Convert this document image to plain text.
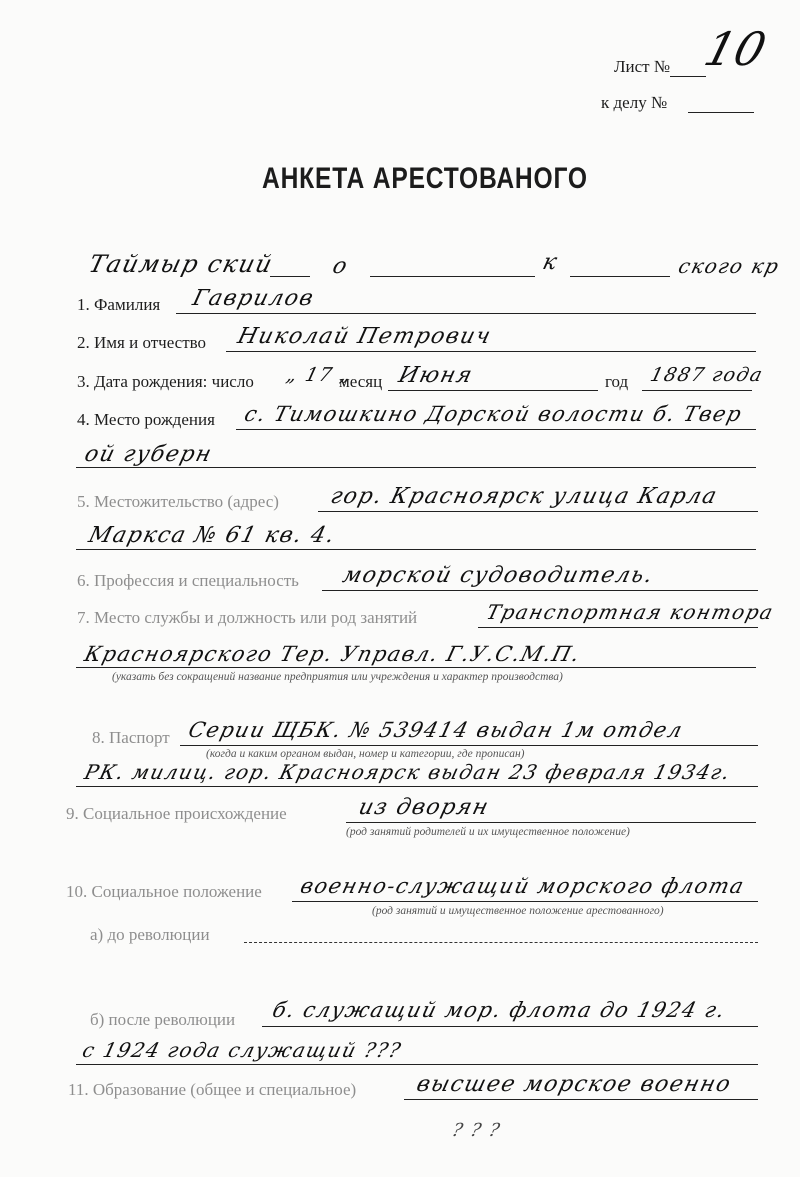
Лист № 10
к делу №
АНКЕТА АРЕСТОВАНОГО
Таймыр ский о	к	ского кр
1. Фамилия Гаврилов
2. Имя и отчество Николай Петрович
3. Дата рождения: число „ 17 „
месяц Июня	год 1887 года
4. Место рождения с. Тимошкино Дорской волости б. Твер
ой губерн
5. Местожительство (адрес) гор. Красноярск улица Карла
Маркса № 61 кв. 4.
6. Профессия и специальность морской судоводитель.
7. Место службы и должность или род занятий	Транспортная контора
Красноярского Тер. Управл. Г.У.С.М.П.
(указать без сокращений название предприятия или учреждения и характер производства)
8. Паспорт Серии ЩБК. № 539414 выдан 1м отдел
(когда и каким органом выдан, номер и категории, где прописан)
РК. милиц. гор. Красноярск выдан 23 февраля 1934г.
9. Социальное происхождение	из дворян
(род занятий родителей и их имущественное положение)
10. Социальное положение военно-служащий морского флота
(род занятий и имущественное положение арестованного)
а) до революции
б) после революции б. служащий мор. флота до 1924 г.
с 1924 года служащий ???
11. Образование (общее и специальное)	высшее морское военно
? ? ?
